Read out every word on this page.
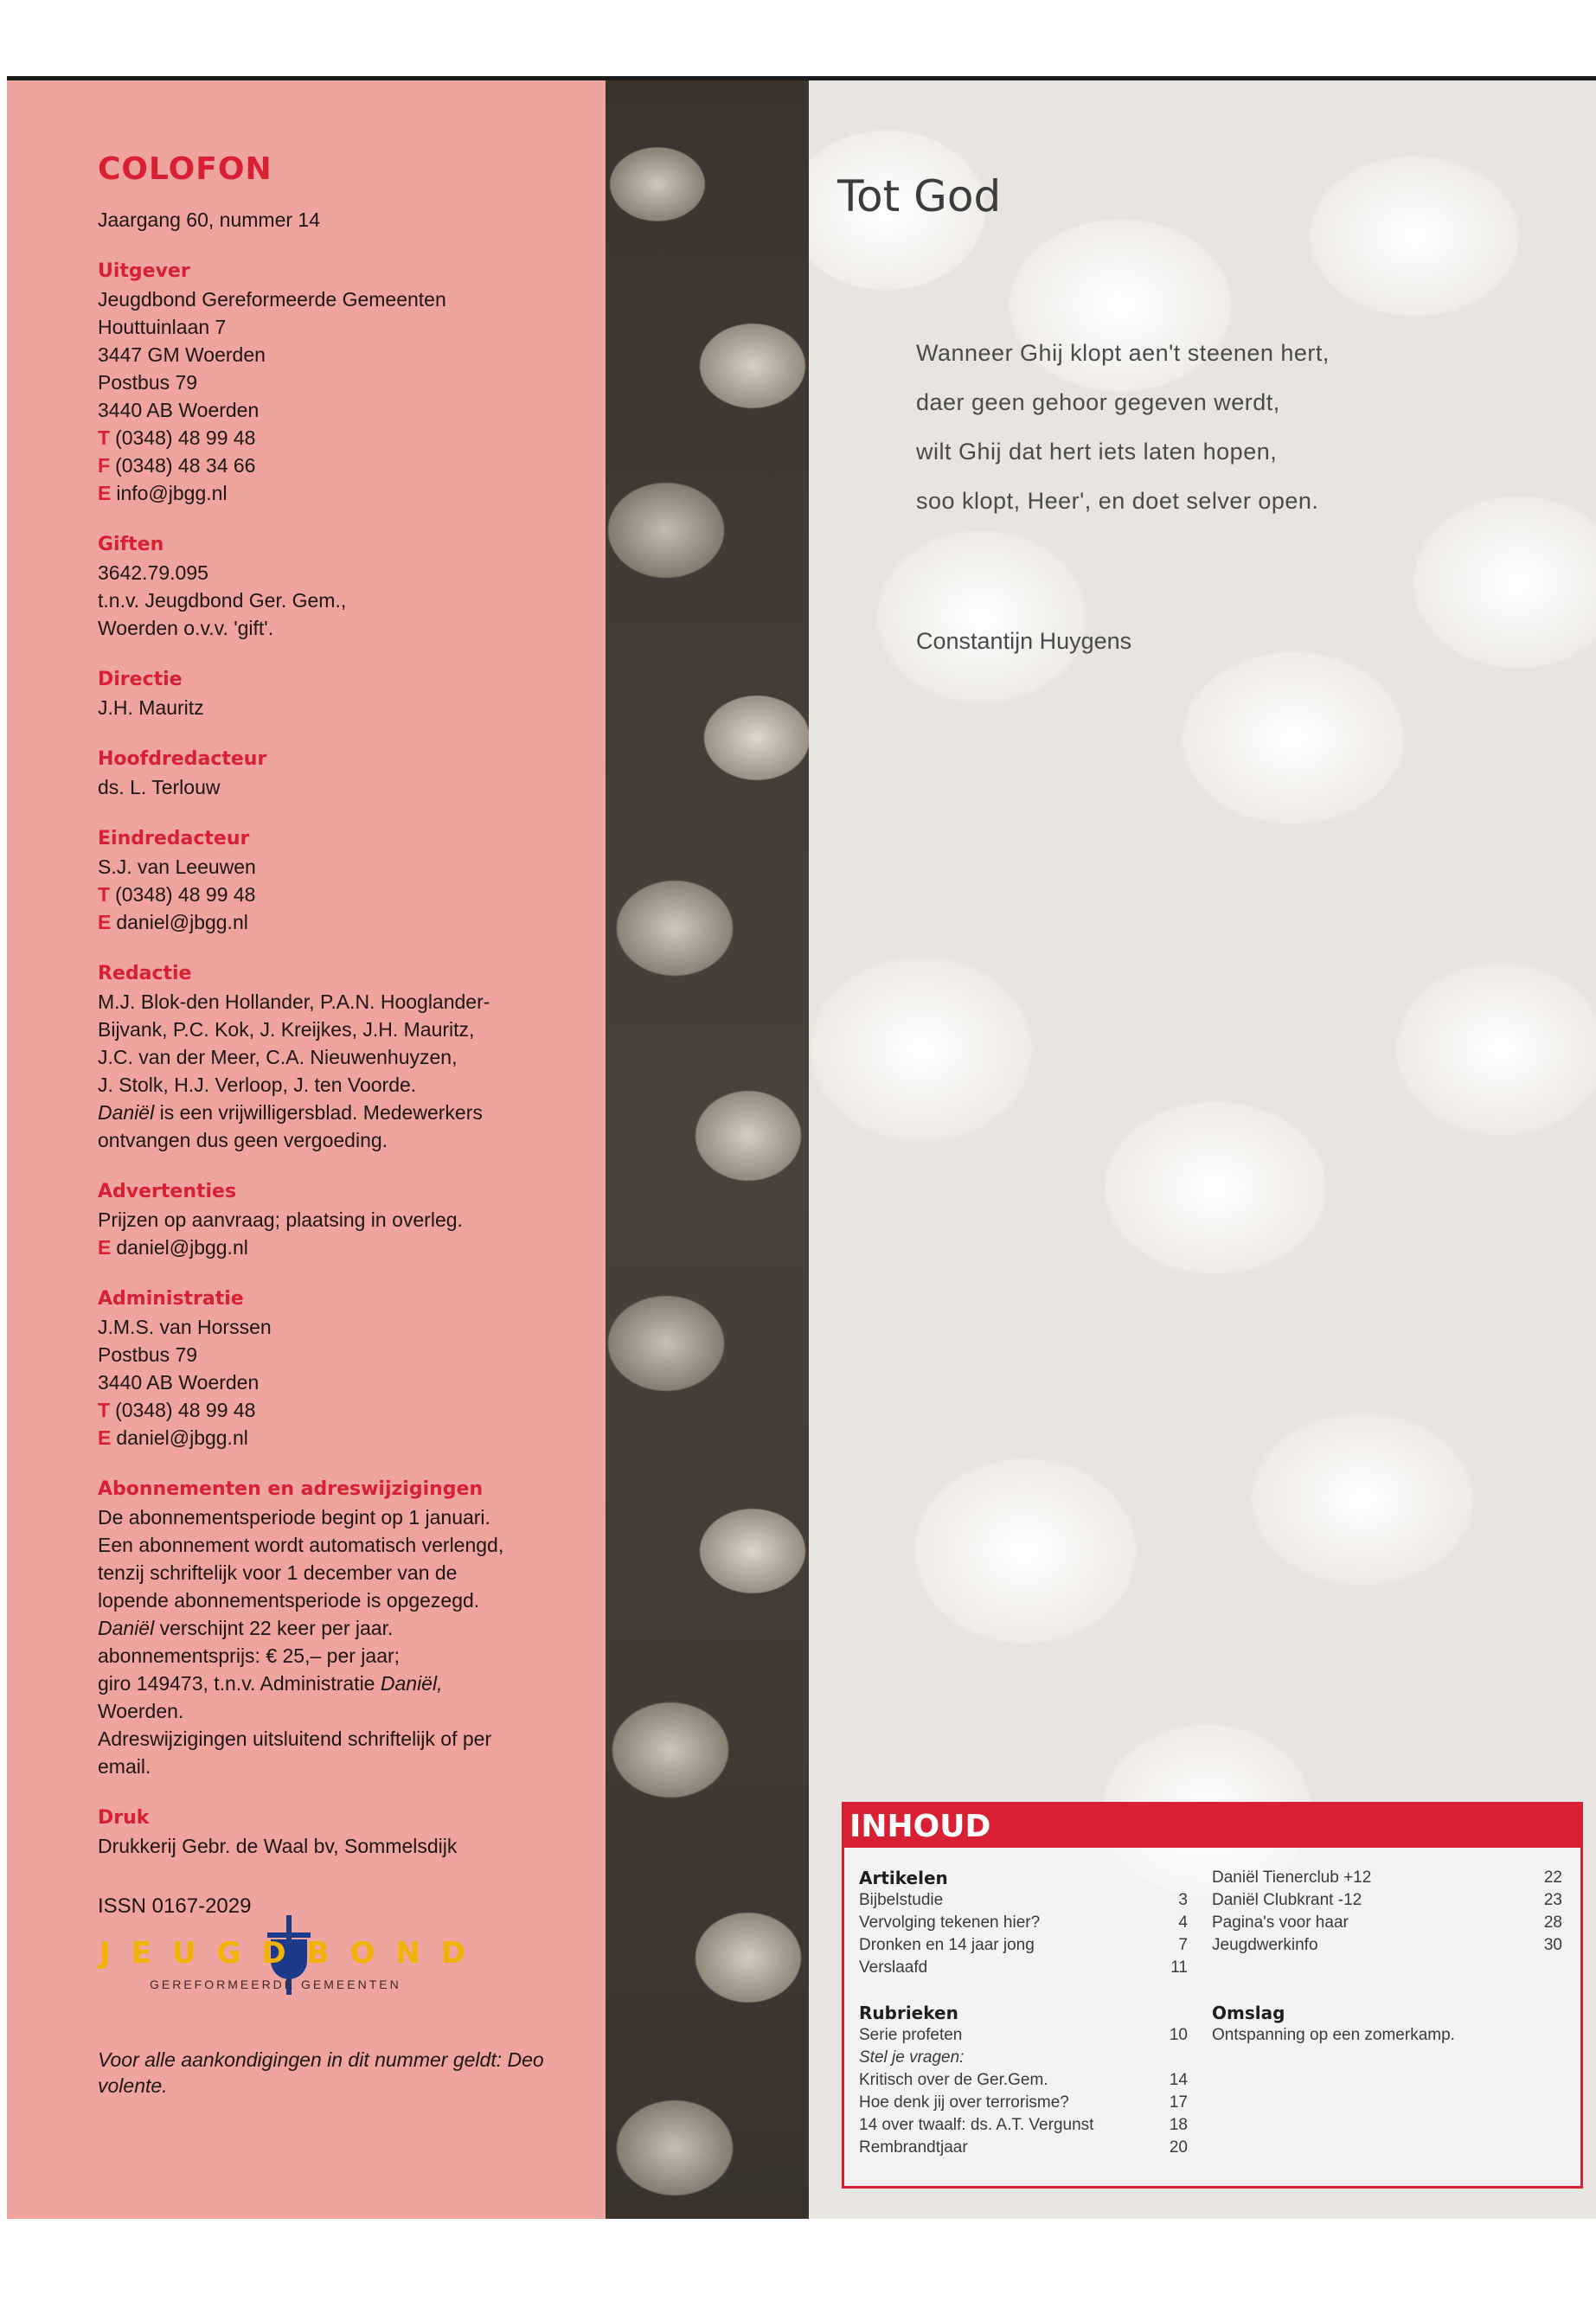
COLOFON
Jaargang 60, nummer 14
Uitgever
Jeugdbond Gereformeerde Gemeenten
Houttuinlaan 7
3447 GM Woerden
Postbus 79
3440 AB Woerden
T (0348) 48 99 48
F (0348) 48 34 66
E info@jbgg.nl
Giften
3642.79.095
t.n.v. Jeugdbond Ger. Gem.,
Woerden o.v.v. 'gift'.
Directie
J.H. Mauritz
Hoofdredacteur
ds. L. Terlouw
Eindredacteur
S.J. van Leeuwen
T (0348) 48 99 48
E daniel@jbgg.nl
Redactie
M.J. Blok-den Hollander, P.A.N. Hooglander-
Bijvank, P.C. Kok, J. Kreijkes, J.H. Mauritz,
J.C. van der Meer, C.A. Nieuwenhuyzen,
J. Stolk, H.J. Verloop, J. ten Voorde.
Daniël is een vrijwilligersblad. Medewerkers
ontvangen dus geen vergoeding.
Advertenties
Prijzen op aanvraag; plaatsing in overleg.
E daniel@jbgg.nl
Administratie
J.M.S. van Horssen
Postbus 79
3440 AB Woerden
T (0348) 48 99 48
E daniel@jbgg.nl
Abonnementen en adreswijzigingen
De abonnementsperiode begint op 1 januari.
Een abonnement wordt automatisch verlengd,
tenzij schriftelijk voor 1 december van de
lopende abonnementsperiode is opgezegd.
Daniël verschijnt 22 keer per jaar.
abonnementsprijs: € 25,– per jaar;
giro 149473, t.n.v. Administratie Daniël,
Woerden.
Adreswijzigingen uitsluitend schriftelijk of per
email.
Druk
Drukkerij Gebr. de Waal bv, Sommelsdijk
ISSN 0167-2029
JEUGDBOND
GEREFORMEERDE GEMEENTEN
Voor alle aankondigingen in dit nummer geldt: Deo volente.
Tot God
Wanneer Ghij klopt aen't steenen hert,
daer geen gehoor gegeven werdt,
wilt Ghij dat hert iets laten hopen,
soo klopt, Heer', en doet selver open.
Constantijn Huygens
INHOUD
Artikelen
Bijbelstudie	3
Vervolging tekenen hier?	4
Dronken en 14 jaar jong	7
Verslaafd	11
Rubrieken
Serie profeten	10
Stel je vragen:
Kritisch over de Ger.Gem.	14
Hoe denk jij over terrorisme?	17
14 over twaalf: ds. A.T. Vergunst	18
Rembrandtjaar	20
Daniël Tienerclub +12	22
Daniël Clubkrant -12	23
Pagina's voor haar	28
Jeugdwerkinfo	30
Omslag
Ontspanning op een zomerkamp.
